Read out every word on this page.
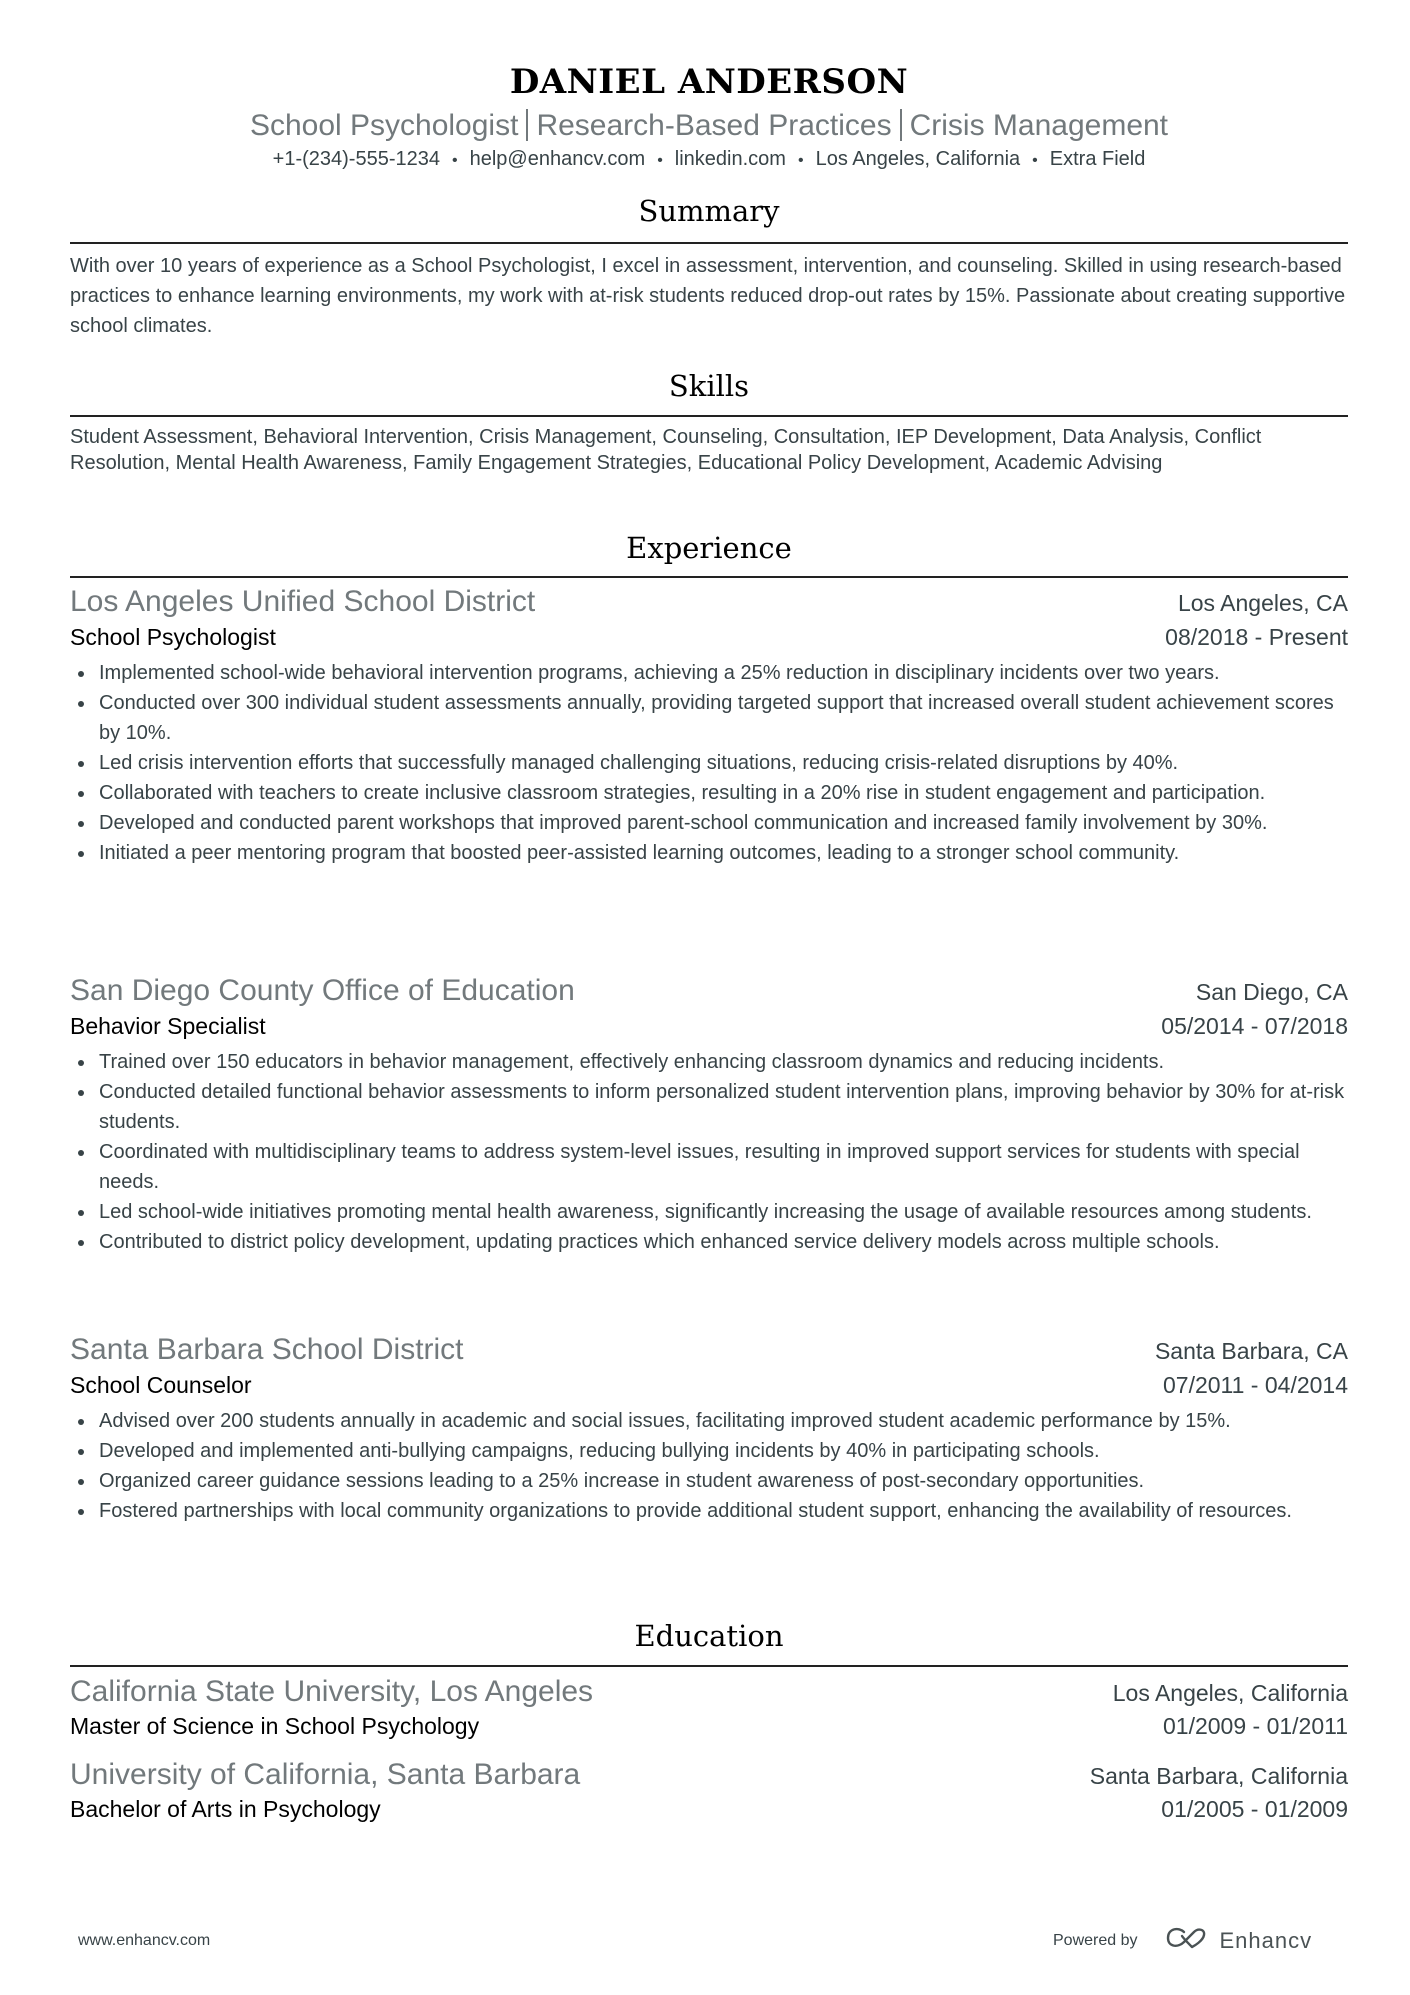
DANIEL ANDERSON
School Psychologist Research-Based Practices Crisis Management
+1-(234)-555-1234 • help@enhancv.com • linkedin.com • Los Angeles, California • Extra Field
Summary
With over 10 years of experience as a School Psychologist, I excel in assessment, intervention, and counseling. Skilled in using research-based practices to enhance learning environments, my work with at-risk students reduced drop-out rates by 15%. Passionate about creating supportive school climates.
Skills
Student Assessment, Behavioral Intervention, Crisis Management, Counseling, Consultation, IEP Development, Data Analysis, Conflict Resolution, Mental Health Awareness, Family Engagement Strategies, Educational Policy Development, Academic Advising
Experience
Los Angeles Unified School District	Los Angeles, CA
School Psychologist	08/2018 - Present
Implemented school-wide behavioral intervention programs, achieving a 25% reduction in disciplinary incidents over two years.
Conducted over 300 individual student assessments annually, providing targeted support that increased overall student achievement scores by 10%.
Led crisis intervention efforts that successfully managed challenging situations, reducing crisis-related disruptions by 40%.
Collaborated with teachers to create inclusive classroom strategies, resulting in a 20% rise in student engagement and participation.
Developed and conducted parent workshops that improved parent-school communication and increased family involvement by 30%.
Initiated a peer mentoring program that boosted peer-assisted learning outcomes, leading to a stronger school community.
San Diego County Office of Education	San Diego, CA
Behavior Specialist	05/2014 - 07/2018
Trained over 150 educators in behavior management, effectively enhancing classroom dynamics and reducing incidents.
Conducted detailed functional behavior assessments to inform personalized student intervention plans, improving behavior by 30% for at-risk students.
Coordinated with multidisciplinary teams to address system-level issues, resulting in improved support services for students with special needs.
Led school-wide initiatives promoting mental health awareness, significantly increasing the usage of available resources among students.
Contributed to district policy development, updating practices which enhanced service delivery models across multiple schools.
Santa Barbara School District	Santa Barbara, CA
School Counselor	07/2011 - 04/2014
Advised over 200 students annually in academic and social issues, facilitating improved student academic performance by 15%.
Developed and implemented anti-bullying campaigns, reducing bullying incidents by 40% in participating schools.
Organized career guidance sessions leading to a 25% increase in student awareness of post-secondary opportunities.
Fostered partnerships with local community organizations to provide additional student support, enhancing the availability of resources.
Education
California State University, Los Angeles	Los Angeles, California
Master of Science in School Psychology	01/2009 - 01/2011
University of California, Santa Barbara	Santa Barbara, California
Bachelor of Arts in Psychology	01/2005 - 01/2009
www.enhancv.com	Powered by	Enhancv
